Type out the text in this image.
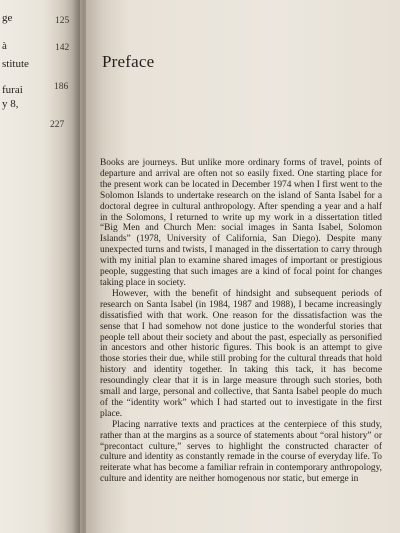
ge	125
à	142
stitute
furai	186
y 8,
227
Preface

Books are journeys. But unlike more ordinary forms of travel, points of departure and arrival are often not so easily fixed. One starting place for the present work can be located in December 1974 when I first went to the Solomon Islands to undertake research on the island of Santa Isabel for a doctoral degree in cultural anthropology. After spending a year and a half in the Solomons, I returned to write up my work in a dissertation titled “Big Men and Church Men: social images in Santa Isabel, Solomon Islands” (1978, University of California, San Diego). Despite many unexpected turns and twists, I managed in the dissertation to carry through with my initial plan to examine shared images of important or prestigious people, suggesting that such images are a kind of focal point for changes taking place in society.

However, with the benefit of hindsight and subsequent periods of research on Santa Isabel (in 1984, 1987 and 1988), I became increasingly dissatisfied with that work. One reason for the dissatisfaction was the sense that I had somehow not done justice to the wonderful stories that people tell about their society and about the past, especially as personified in ancestors and other historic figures. This book is an attempt to give those stories their due, while still probing for the cultural threads that hold history and identity together. In taking this tack, it has become resoundingly clear that it is in large measure through such stories, both small and large, personal and collective, that Santa Isabel people do much of the “identity work” which I had started out to investigate in the first place.

Placing narrative texts and practices at the centerpiece of this study, rather than at the margins as a source of statements about “oral history” or “precontact culture,” serves to highlight the constructed character of culture and identity as constantly remade in the course of everyday life. To reiterate what has become a familiar refrain in contemporary anthropology, culture and identity are neither homogenous nor static, but emerge in
